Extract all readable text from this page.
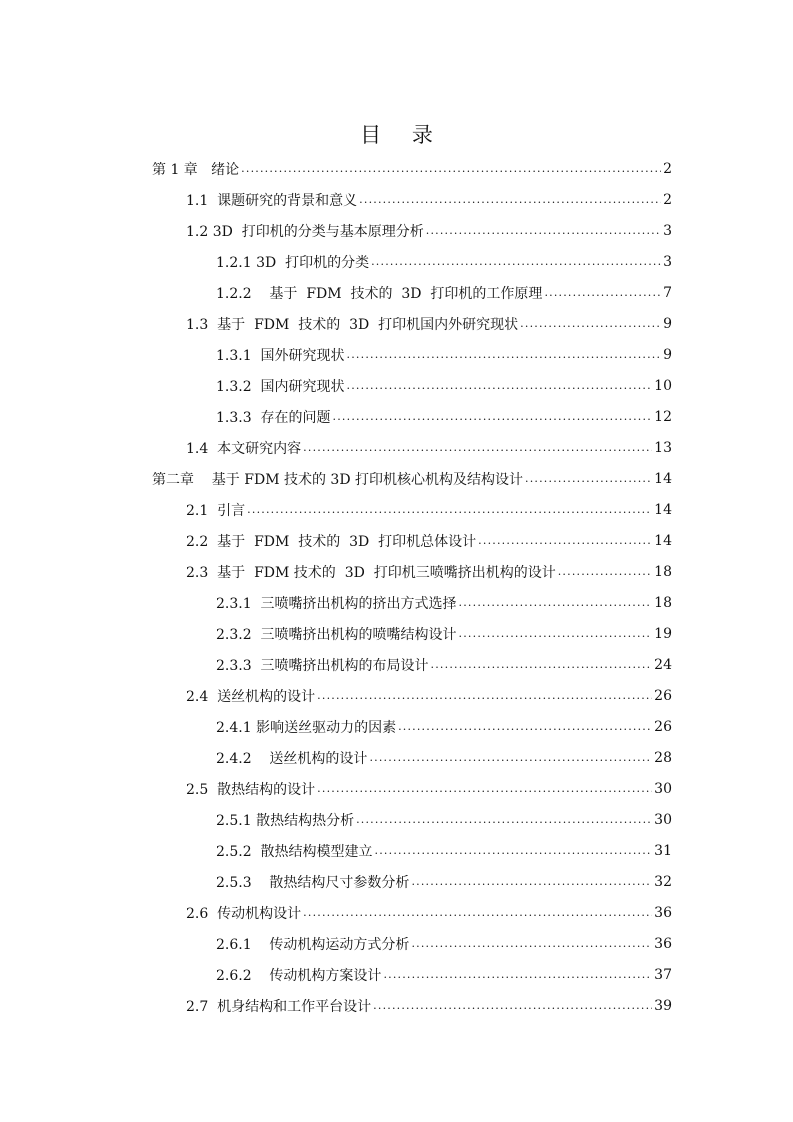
目 录
第 1 章   绪论 .....	2
1.1  课题研究的背景和意义 .....	2
1.2 3D  打印机的分类与基本原理分析 .....	3
1.2.1 3D  打印机的分类 .....	3
1.2.2    基于  FDM  技术的  3D  打印机的工作原理 .....	7
1.3  基于  FDM  技术的  3D  打印机国内外研究现状 .....	9
1.3.1  国外研究现状 .....	9
1.3.2  国内研究现状 .....	10
1.3.3  存在的问题 .....	12
1.4  本文研究内容 .....	13
第二章    基于 FDM 技术的 3D 打印机核心机构及结构设计 .....	14
2.1  引言 .....	14
2.2  基于  FDM  技术的  3D  打印机总体设计 .....	14
2.3  基于  FDM 技术的  3D  打印机三喷嘴挤出机构的设计 .....	18
2.3.1  三喷嘴挤出机构的挤出方式选择 .....	18
2.3.2  三喷嘴挤出机构的喷嘴结构设计 .....	19
2.3.3  三喷嘴挤出机构的布局设计 .....	24
2.4  送丝机构的设计 .....	26
2.4.1 影响送丝驱动力的因素 .....	26
2.4.2    送丝机构的设计 .....	28
2.5  散热结构的设计 .....	30
2.5.1 散热结构热分析 .....	30
2.5.2  散热结构模型建立 .....	31
2.5.3    散热结构尺寸参数分析 .....	32
2.6  传动机构设计 .....	36
2.6.1    传动机构运动方式分析 .....	36
2.6.2    传动机构方案设计 .....	37
2.7  机身结构和工作平台设计 .....	39
